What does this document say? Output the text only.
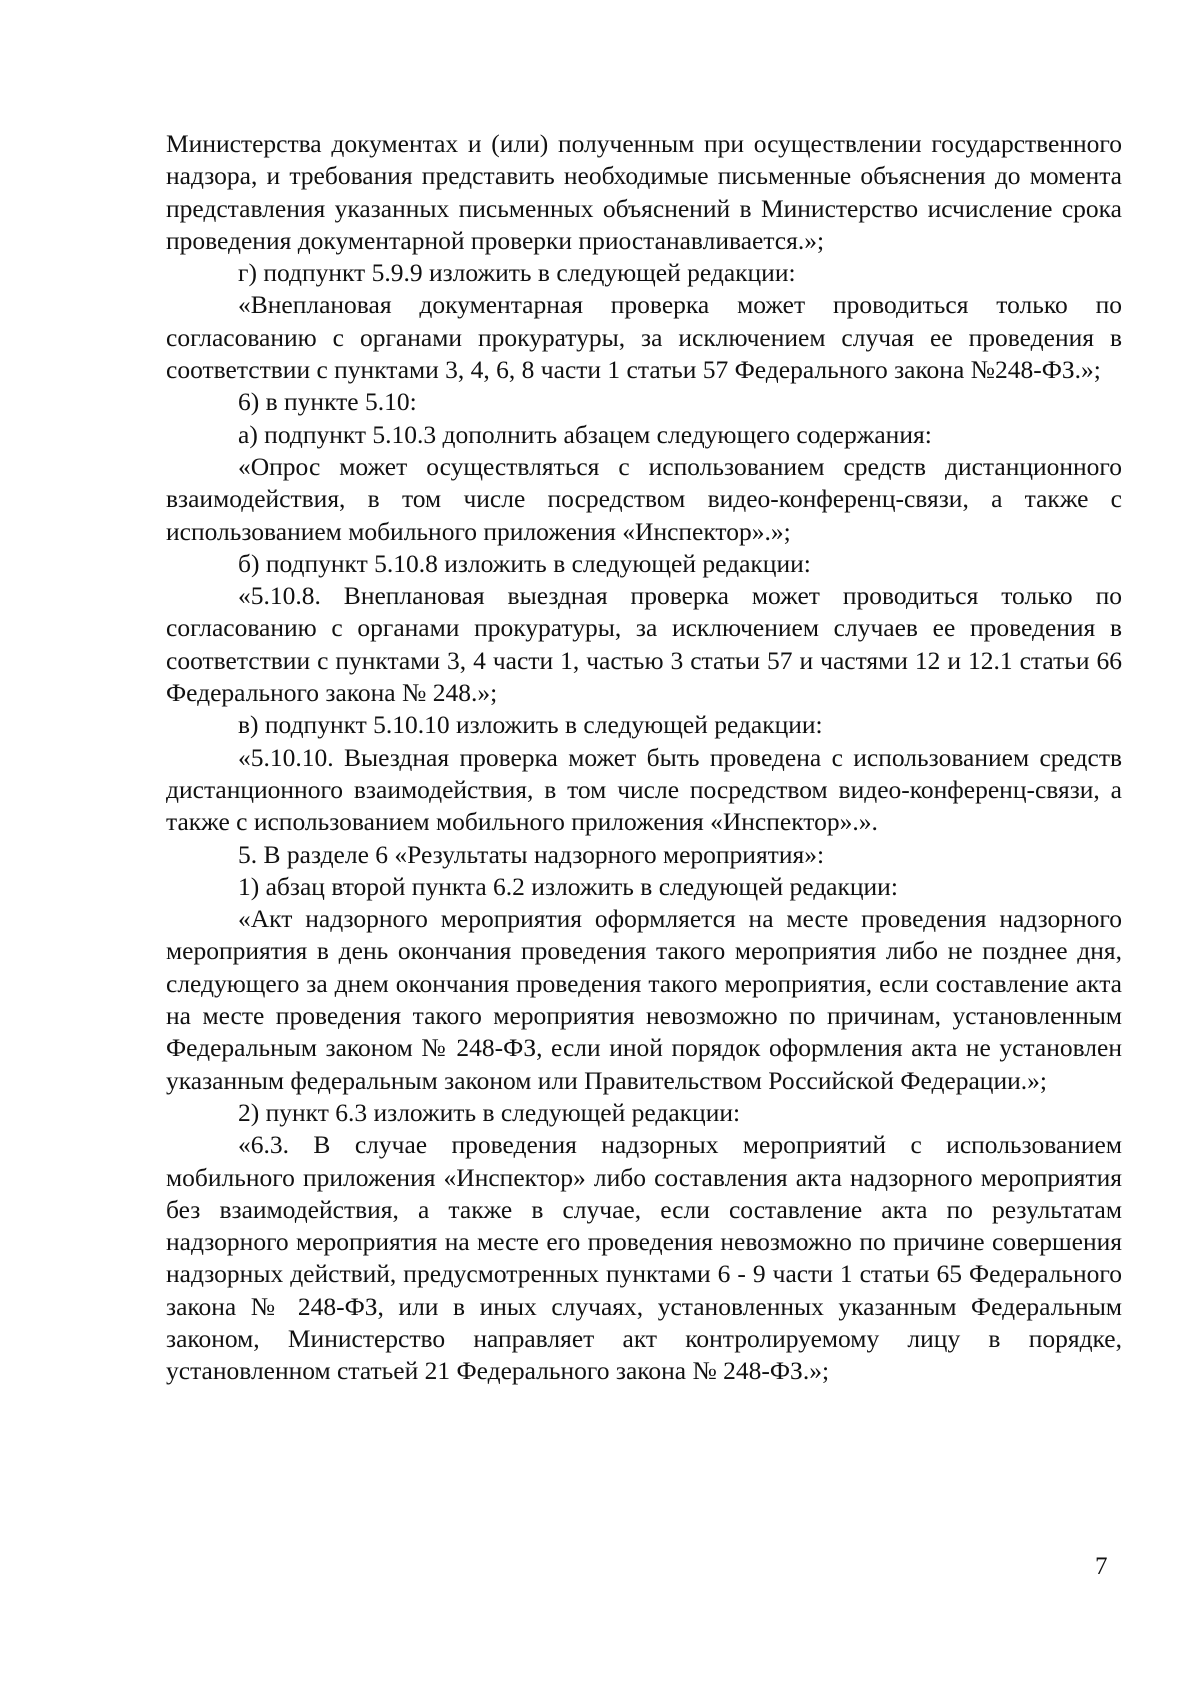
Министерства документах и (или) полученным при осуществлении государственного надзора, и требования представить необходимые письменные объяснения до момента представления указанных письменных объяснений в Министерство исчисление срока проведения документарной проверки приостанавливается.»;

г) подпункт 5.9.9 изложить в следующей редакции:

«Внеплановая документарная проверка может проводиться только по согласованию с органами прокуратуры, за исключением случая ее проведения в соответствии с пунктами 3, 4, 6, 8 части 1 статьи 57 Федерального закона №248-ФЗ.»;

6) в пункте 5.10:

а) подпункт 5.10.3 дополнить абзацем следующего содержания:

«Опрос может осуществляться с использованием средств дистанционного взаимодействия, в том числе посредством видео-конференц-связи, а также с использованием мобильного приложения «Инспектор».»;

б) подпункт 5.10.8 изложить в следующей редакции:

«5.10.8. Внеплановая выездная проверка может проводиться только по согласованию с органами прокуратуры, за исключением случаев ее проведения в соответствии с пунктами 3, 4 части 1, частью 3 статьи 57 и частями 12 и 12.1 статьи 66 Федерального закона № 248.»;

в) подпункт 5.10.10 изложить в следующей редакции:

«5.10.10. Выездная проверка может быть проведена с использованием средств дистанционного взаимодействия, в том числе посредством видео-конференц-связи, а также с использованием мобильного приложения «Инспектор».».

5. В разделе 6 «Результаты надзорного мероприятия»:

1) абзац второй пункта 6.2 изложить в следующей редакции:

«Акт надзорного мероприятия оформляется на месте проведения надзорного мероприятия в день окончания проведения такого мероприятия либо не позднее дня, следующего за днем окончания проведения такого мероприятия, если составление акта на месте проведения такого мероприятия невозможно по причинам, установленным Федеральным законом № 248-ФЗ, если иной порядок оформления акта не установлен указанным федеральным законом или Правительством Российской Федерации.»;

2) пункт 6.3 изложить в следующей редакции:

«6.3. В случае проведения надзорных мероприятий с использованием мобильного приложения «Инспектор» либо составления акта надзорного мероприятия без взаимодействия, а также в случае, если составление акта по результатам надзорного мероприятия на месте его проведения невозможно по причине совершения надзорных действий, предусмотренных пунктами 6 - 9 части 1 статьи 65 Федерального закона № 248-ФЗ, или в иных случаях, установленных указанным Федеральным законом, Министерство направляет акт контролируемому лицу в порядке, установленном статьей 21 Федерального закона № 248-ФЗ.»;

7
